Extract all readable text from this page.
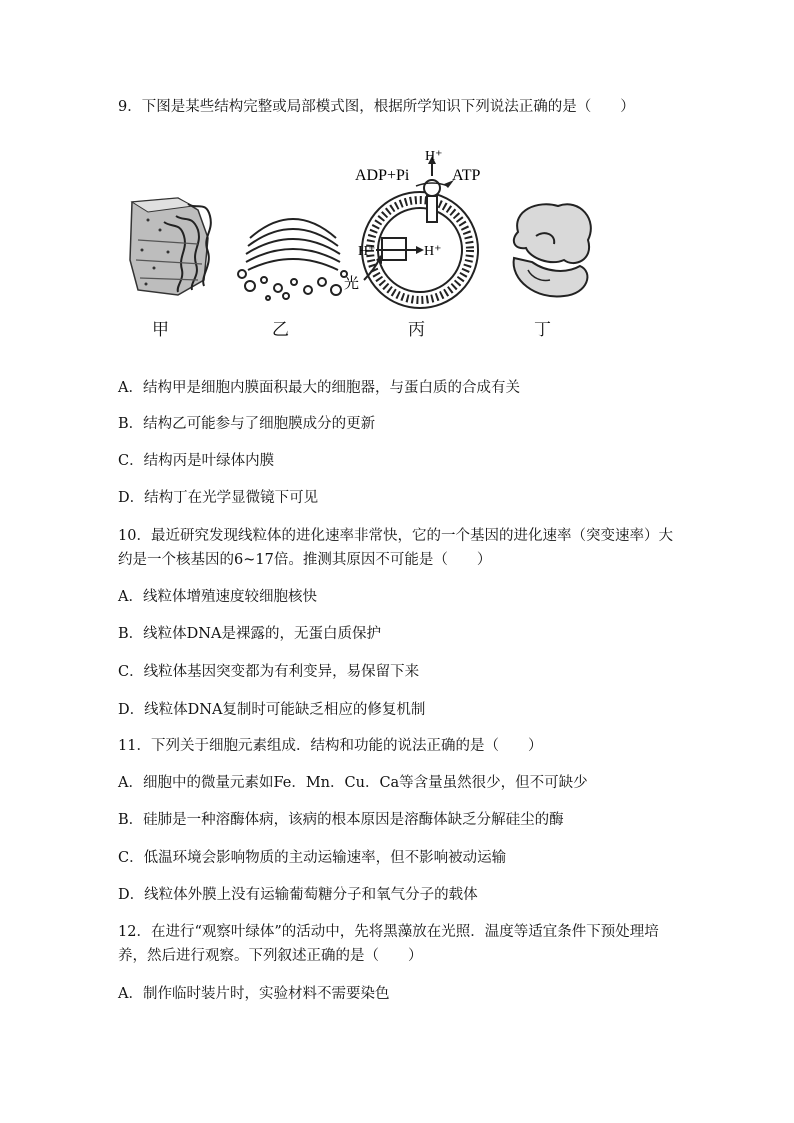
9．下图是某些结构完整或局部模式图，根据所学知识下列说法正确的是（　　）
ADP+Pi	ATP
H⁺
H⁺	H⁺
光
甲	乙	丙	丁
A．结构甲是细胞内膜面积最大的细胞器，与蛋白质的合成有关
B．结构乙可能参与了细胞膜成分的更新
C．结构丙是叶绿体内膜
D．结构丁在光学显微镜下可见
10．最近研究发现线粒体的进化速率非常快，它的一个基因的进化速率（突变速率）大
约是一个核基因的6~17倍。推测其原因不可能是（　　）
A．线粒体增殖速度较细胞核快
B．线粒体DNA是裸露的，无蛋白质保护
C．线粒体基因突变都为有利变异，易保留下来
D．线粒体DNA复制时可能缺乏相应的修复机制
11．下列关于细胞元素组成．结构和功能的说法正确的是（　　）
A．细胞中的微量元素如Fe．Mn．Cu．Ca等含量虽然很少，但不可缺少
B．硅肺是一种溶酶体病，该病的根本原因是溶酶体缺乏分解硅尘的酶
C．低温环境会影响物质的主动运输速率，但不影响被动运输
D．线粒体外膜上没有运输葡萄糖分子和氧气分子的载体
12．在进行“观察叶绿体”的活动中，先将黑藻放在光照．温度等适宜条件下预处理培
养，然后进行观察。下列叙述正确的是（　　）
A．制作临时装片时，实验材料不需要染色
